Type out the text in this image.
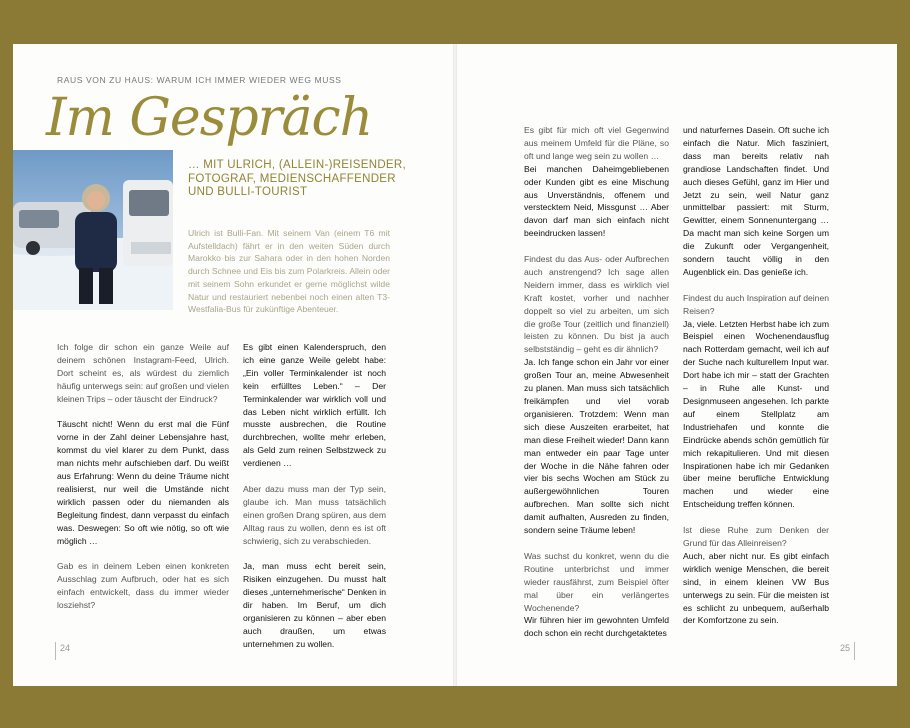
RAUS VON ZU HAUS: WARUM ICH IMMER WIEDER WEG MUSS
Im Gespräch
… MIT ULRICH, (ALLEIN-)REISENDER, FOTOGRAF, MEDIENSCHAFFENDER UND BULLI-TOURIST
Ulrich ist Bulli-Fan. Mit seinem Van (einem T6 mit Aufstelldach) fährt er in den weiten Süden durch Marokko bis zur Sahara oder in den hohen Norden durch Schnee und Eis bis zum Polarkreis. Allein oder mit seinem Sohn erkundet er gerne möglichst wilde Natur und restauriert nebenbei noch einen alten T3-Westfalia-Bus für zukünftige Abenteuer.

Ich folge dir schon ein ganze Weile auf deinem schönen Instagram-Feed, Ulrich. Dort scheint es, als würdest du ziemlich häufig unterwegs sein: auf großen und vielen kleinen Trips – oder täuscht der Eindruck?

Täuscht nicht! Wenn du erst mal die Fünf vorne in der Zahl deiner Lebensjahre hast, kommst du viel klarer zu dem Punkt, dass man nichts mehr aufschieben darf. Du weißt aus Erfahrung: Wenn du deine Träume nicht realisierst, nur weil die Umstände nicht wirklich passen oder du niemanden als Begleitung findest, dann verpasst du einfach was. Deswegen: So oft wie nötig, so oft wie möglich …

Gab es in deinem Leben einen konkreten Ausschlag zum Aufbruch, oder hat es sich einfach entwickelt, dass du immer wieder losziehst?

Es gibt einen Kalenderspruch, den ich eine ganze Weile gelebt habe: „Ein voller Terminkalender ist noch kein erfülltes Leben.“ – Der Terminkalender war wirklich voll und das Leben nicht wirklich erfüllt. Ich musste ausbrechen, die Routine durchbrechen, wollte mehr erleben, als Geld zum reinen Selbstzweck zu verdienen …

Aber dazu muss man der Typ sein, glaube ich. Man muss tatsächlich einen großen Drang spüren, aus dem Alltag raus zu wollen, denn es ist oft schwierig, sich zu verabschieden.

Ja, man muss echt bereit sein, Risiken einzugehen. Du musst halt dieses „unternehmerische“ Denken in dir haben. Im Beruf, um dich organisieren zu können – aber eben auch draußen, um etwas unternehmen zu wollen.

Es gibt für mich oft viel Gegenwind aus meinem Umfeld für die Pläne, so oft und lange weg sein zu wollen …

Bei manchen Daheimgebliebenen oder Kunden gibt es eine Mischung aus Unverständnis, offenem und verstecktem Neid, Missgunst … Aber davon darf man sich einfach nicht beeindrucken lassen!

Findest du das Aus- oder Aufbrechen auch anstrengend? Ich sage allen Neidern immer, dass es wirklich viel Kraft kostet, vorher und nachher doppelt so viel zu arbeiten, um sich die große Tour (zeitlich und finanziell) leisten zu können. Du bist ja auch selbstständig – geht es dir ähnlich?

Ja. Ich fange schon ein Jahr vor einer großen Tour an, meine Abwesenheit zu planen. Man muss sich tatsächlich freikämpfen und viel vorab organisieren. Trotzdem: Wenn man sich diese Auszeiten erarbeitet, hat man diese Freiheit wieder! Dann kann man entweder ein paar Tage unter der Woche in die Nähe fahren oder vier bis sechs Wochen am Stück zu außergewöhnlichen Touren aufbrechen. Man sollte sich nicht damit aufhalten, Ausreden zu finden, sondern seine Träume leben!

Was suchst du konkret, wenn du die Routine unterbrichst und immer wieder rausfährst, zum Beispiel öfter mal über ein verlängertes Wochenende?

Wir führen hier im gewohnten Umfeld doch schon ein recht durchgetaktetes

und naturfernes Dasein. Oft suche ich einfach die Natur. Mich fasziniert, dass man bereits relativ nah grandiose Landschaften findet. Und auch dieses Gefühl, ganz im Hier und Jetzt zu sein, weil Natur ganz unmittelbar passiert: mit Sturm, Gewitter, einem Sonnenuntergang … Da macht man sich keine Sorgen um die Zukunft oder Vergangenheit, sondern taucht völlig in den Augenblick ein. Das genieße ich.

Findest du auch Inspiration auf deinen Reisen?

Ja, viele. Letzten Herbst habe ich zum Beispiel einen Wochenendausflug nach Rotterdam gemacht, weil ich auf der Suche nach kulturellem Input war. Dort habe ich mir – statt der Grachten – in Ruhe alle Kunst- und Designmuseen angesehen. Ich parkte auf einem Stellplatz am Industriehafen und konnte die Eindrücke abends schön gemütlich für mich rekapitulieren. Und mit diesen Inspirationen habe ich mir Gedanken über meine berufliche Entwicklung machen und wieder eine Entscheidung treffen können.

Ist diese Ruhe zum Denken der Grund für das Alleinreisen?

Auch, aber nicht nur. Es gibt einfach wirklich wenige Menschen, die bereit sind, in einem kleinen VW Bus unterwegs zu sein. Für die meisten ist es schlicht zu unbequem, außerhalb der Komfortzone zu sein.

24	25
